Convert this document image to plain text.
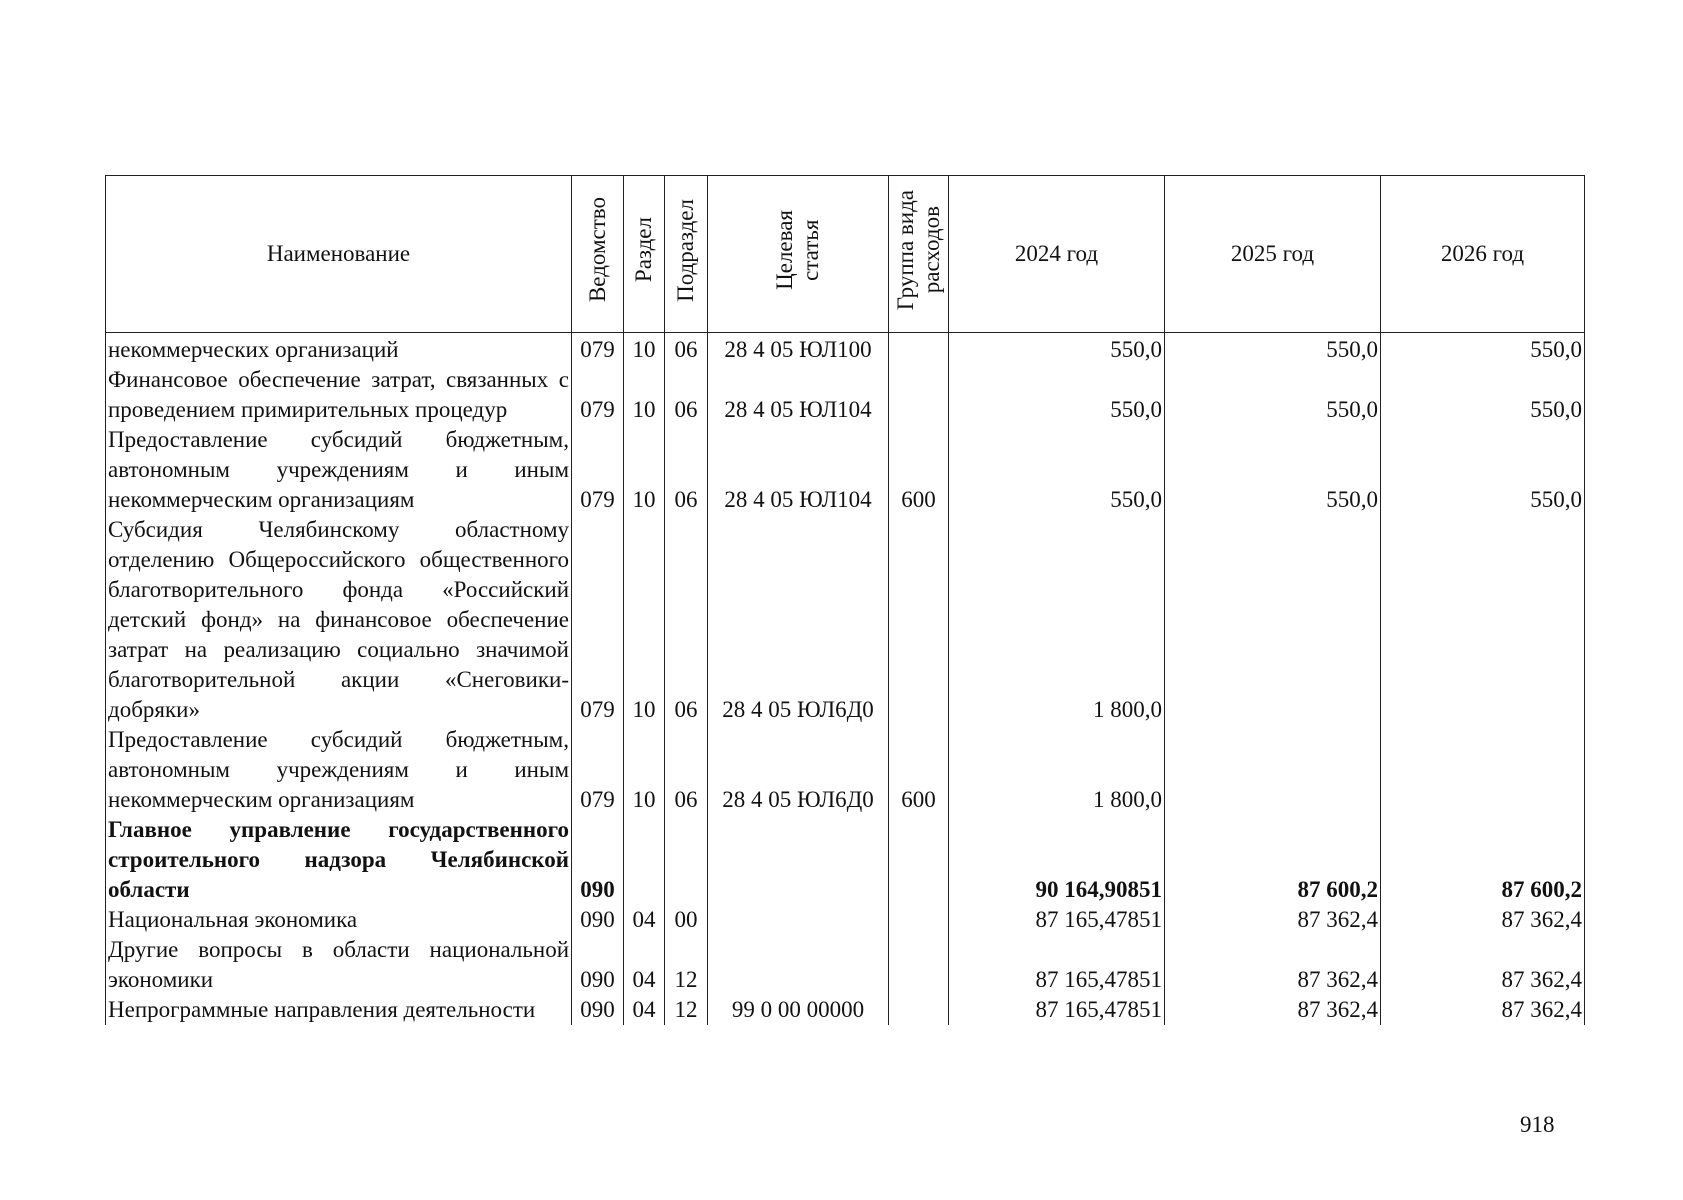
Наименование	Ведомство	Раздел	Подраздел	Целевая статья	Группа вида расходов	2024 год	2025 год	2026 год
некоммерческих организаций	079	10	06	28 4 05 ЮЛ100		550,0	550,0	550,0
Финансовое обеспечение затрат, связанных с проведением примирительных процедур	079	10	06	28 4 05 ЮЛ104		550,0	550,0	550,0
Предоставление субсидий бюджетным, автономным учреждениям и иным некоммерческим организациям	079	10	06	28 4 05 ЮЛ104	600	550,0	550,0	550,0
Субсидия Челябинскому областному отделению Общероссийского общественного благотворительного фонда «Российский детский фонд» на финансовое обеспечение затрат на реализацию социально значимой благотворительной акции «Снеговики-добряки»	079	10	06	28 4 05 ЮЛ6Д0		1 800,0		
Предоставление субсидий бюджетным, автономным учреждениям и иным некоммерческим организациям	079	10	06	28 4 05 ЮЛ6Д0	600	1 800,0		
Главное управление государственного строительного надзора Челябинской области	090					90 164,90851	87 600,2	87 600,2
Национальная экономика	090	04	00			87 165,47851	87 362,4	87 362,4
Другие вопросы в области национальной экономики	090	04	12			87 165,47851	87 362,4	87 362,4
Непрограммные направления деятельности	090	04	12	99 0 00 00000		87 165,47851	87 362,4	87 362,4
918
